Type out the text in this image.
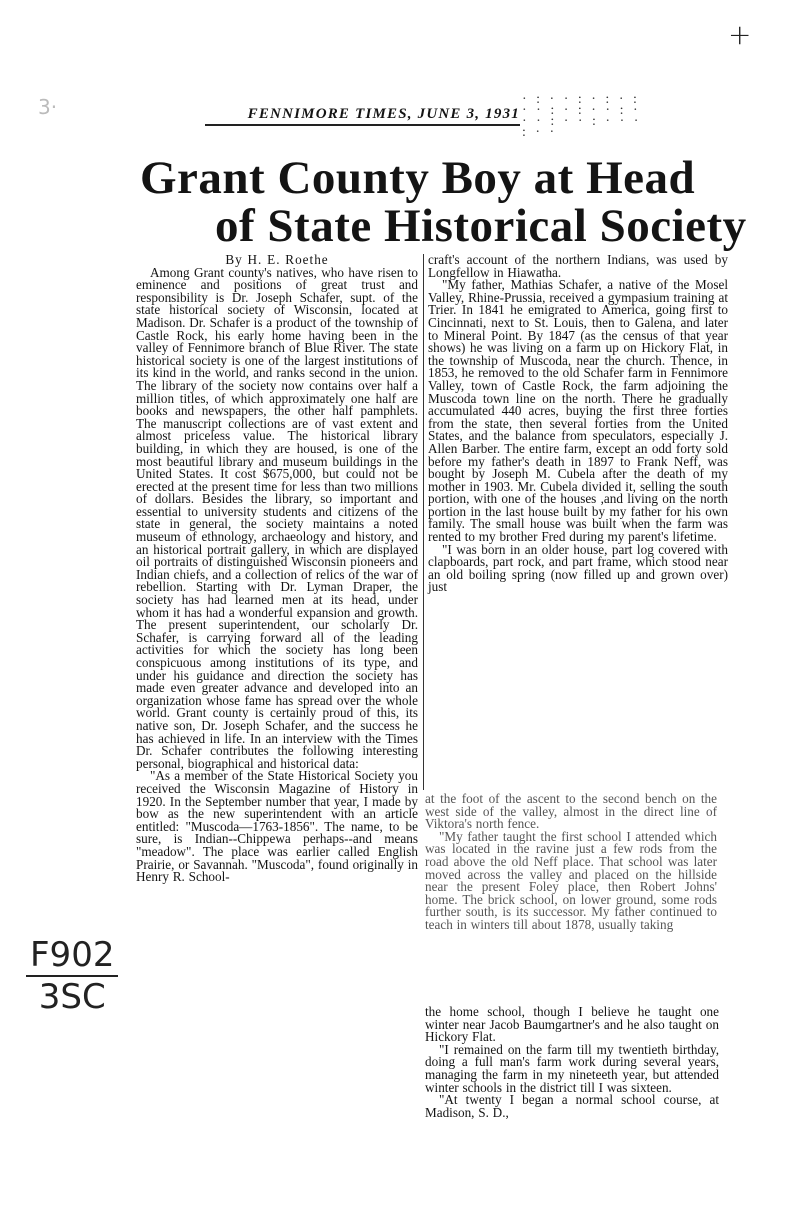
+
3·
F902
3SC
FENNIMORE TIMES, JUNE 3, 1931
· : · · : · : · : · · : · : · · : · · · : · · : · · · : · ·
Grant County Boy at Head
of State Historical Society

By H. E. Roethe

Among Grant county's natives, who have risen to eminence and positions of great trust and responsibility is Dr. Joseph Schafer, supt. of the state historical society of Wisconsin, located at Madison. Dr. Schafer is a product of the township of Castle Rock, his early home having been in the valley of Fennimore branch of Blue River. The state historical society is one of the largest institutions of its kind in the world, and ranks second in the union. The library of the society now contains over half a million titles, of which approximately one half are books and newspapers, the other half pamphlets. The manuscript collections are of vast extent and almost priceless value. The historical library building, in which they are housed, is one of the most beautiful library and museum buildings in the United States. It cost $675,000, but could not be erected at the present time for less than two millions of dollars. Besides the library, so important and essential to university students and citizens of the state in general, the society maintains a noted museum of ethnology, archaeology and history, and an historical portrait gallery, in which are displayed oil portraits of distinguished Wisconsin pioneers and Indian chiefs, and a collection of relics of the war of rebellion. Starting with Dr. Lyman Draper, the society has had learned men at its head, under whom it has had a wonderful expansion and growth. The present superintendent, our scholarly Dr. Schafer, is carrying forward all of the leading activities for which the society has long been conspicuous among institutions of its type, and under his guidance and direction the society has made even greater advance and developed into an organization whose fame has spread over the whole world. Grant county is certainly proud of this, its native son, Dr. Joseph Schafer, and the success he has achieved in life. In an interview with the Times Dr. Schafer contributes the following interesting personal, biographical and historical data:

"As a member of the State Historical Society you received the Wisconsin Magazine of History in 1920. In the September number that year, I made by bow as the new superintendent with an article entitled: "Muscoda—1763-1856". The name, to be sure, is Indian--Chippewa perhaps--and means "meadow". The place was earlier called English Prairie, or Savannah. "Muscoda", found originally in Henry R. School-

craft's account of the northern Indians, was used by Longfellow in Hiawatha.

"My father, Mathias Schafer, a native of the Mosel Valley, Rhine-Prussia, received a gympasium training at Trier. In 1841 he emigrated to America, going first to Cincinnati, next to St. Louis, then to Galena, and later to Mineral Point. By 1847 (as the census of that year shows) he was living on a farm up on Hickory Flat, in the township of Muscoda, near the church. Thence, in 1853, he removed to the old Schafer farm in Fennimore Valley, town of Castle Rock, the farm adjoining the Muscoda town line on the north. There he gradually accumulated 440 acres, buying the first three forties from the state, then several forties from the United States, and the balance from speculators, especially J. Allen Barber. The entire farm, except an odd forty sold before my father's death in 1897 to Frank Neff, was bought by Joseph M. Cubela after the death of my mother in 1903. Mr. Cubela divided it, selling the south portion, with one of the houses ,and living on the north portion in the last house built by my father for his own family. The small house was built when the farm was rented to my brother Fred during my parent's lifetime.

"I was born in an older house, part log covered with clapboards, part rock, and part frame, which stood near an old boiling spring (now filled up and grown over) just

at the foot of the ascent to the second bench on the west side of the valley, almost in the direct line of Viktora's north fence.

"My father taught the first school I attended which was located in the ravine just a few rods from the road above the old Neff place. That school was later moved across the valley and placed on the hillside near the present Foley place, then Robert Johns' home. The brick school, on lower ground, some rods further south, is its successor. My father continued to teach in winters till about 1878, usually taking

the home school, though I believe he taught one winter near Jacob Baumgartner's and he also taught on Hickory Flat.

"I remained on the farm till my twentieth birthday, doing a full man's farm work during several years, managing the farm in my nineteeth year, but attended winter schools in the district till I was sixteen.

"At twenty I began a normal school course, at Madison, S. D.,
